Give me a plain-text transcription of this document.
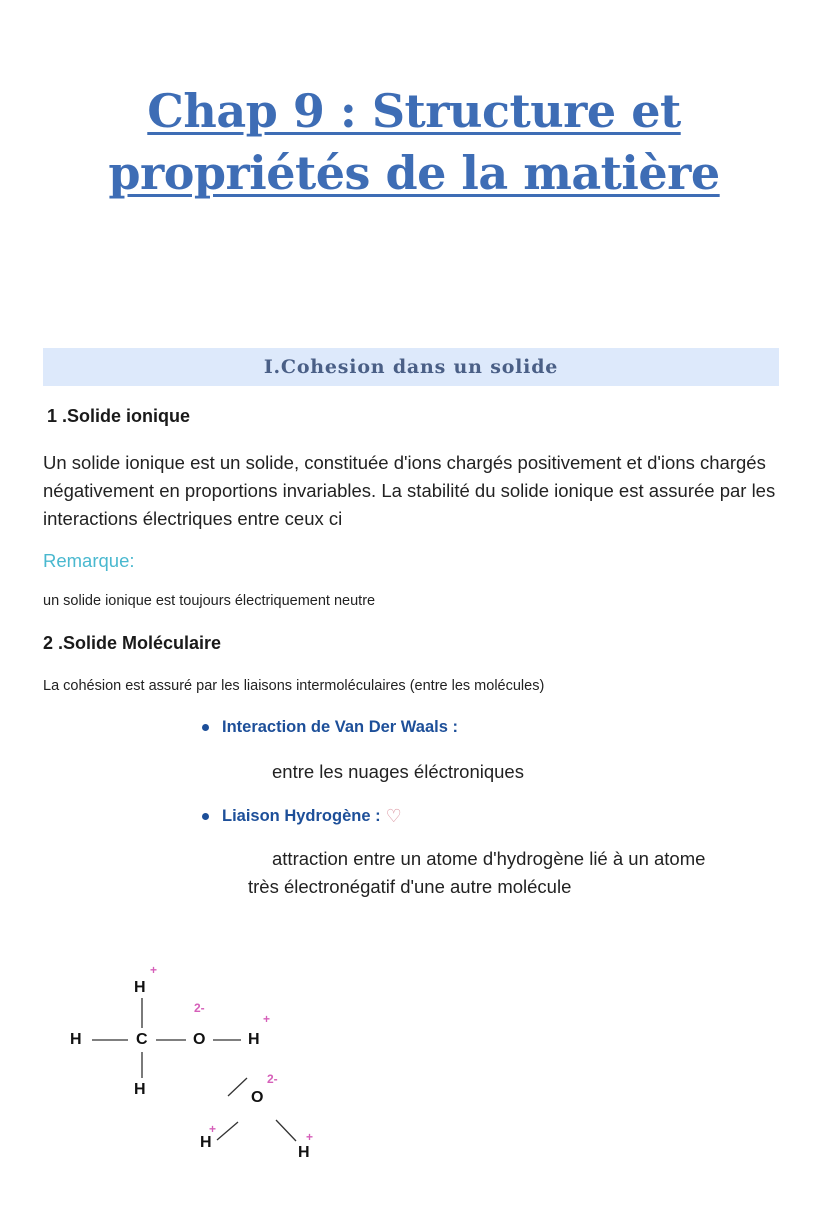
Chap 9 : Structure et propriétés de la matière
I.Cohesion dans un solide
1 .Solide ionique

Un solide ionique est un solide, constituée d'ions chargés positivement et d'ions chargés négativement en proportions invariables. La stabilité du solide ionique est assurée par les interactions électriques entre ceux ci

Remarque:
un solide ionique est toujours électriquement neutre
2 .Solide Moléculaire
La cohésion est assuré par les liaisons intermoléculaires (entre les molécules)
Interaction de Van Der Waals :
entre les nuages éléctroniques
Liaison Hydrogène : ♡
attraction entre un atome d'hydrogène lié à un atome
très électronégatif d'une autre molécule
H
+
H	C	O
2-
H
+
H	O
2-
H
+
H
+
